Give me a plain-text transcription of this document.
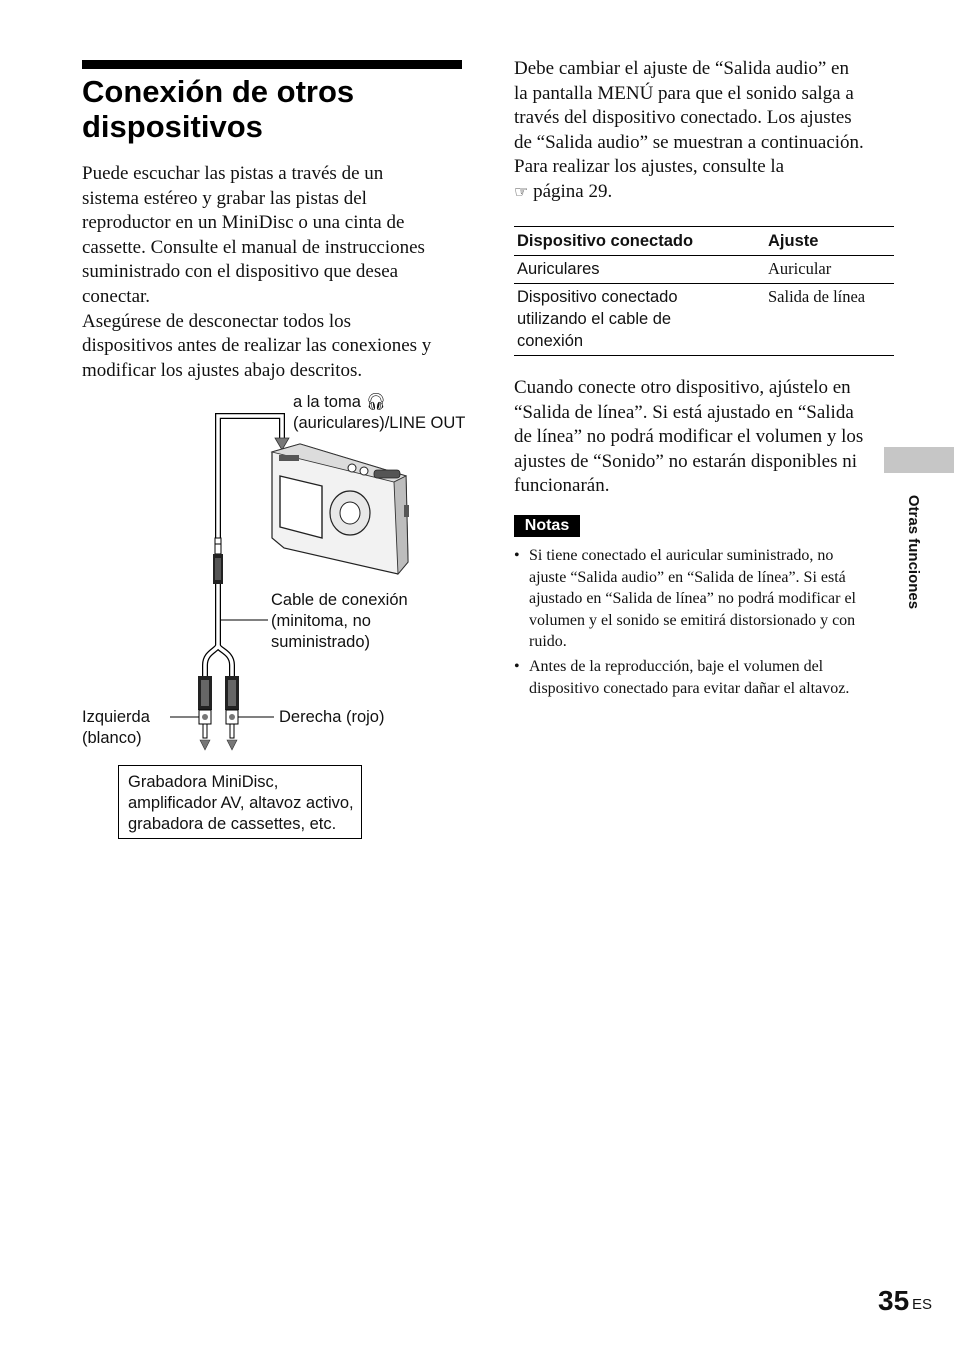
Conexión de otros
dispositivos
Puede escuchar las pistas a través de un
sistema estéreo y grabar las pistas del
reproductor en un MiniDisc o una cinta de
cassette. Consulte el manual de instrucciones
suministrado con el dispositivo que desea
conectar.
Asegúrese de desconectar todos los
dispositivos antes de realizar las conexiones y
modificar los ajustes abajo descritos.
a la toma 🎧︎
(auriculares)/LINE OUT
Cable de conexión
(minitoma, no
suministrado)
Izquierda
(blanco)
Derecha (rojo)
Grabadora MiniDisc,
amplificador AV, altavoz activo,
grabadora de cassettes, etc.
Debe cambiar el ajuste de “Salida audio” en
la pantalla MENÚ para que el sonido salga a
través del dispositivo conectado. Los ajustes
de “Salida audio” se muestran a continuación.
Para realizar los ajustes, consulte la
☞ página 29.
Dispositivo conectado	Ajuste

Auriculares	Auricular

Dispositivo conectado
utilizando el cable de
conexión	Salida de línea
Cuando conecte otro dispositivo, ajústelo en
“Salida de línea”. Si está ajustado en “Salida
de línea” no podrá modificar el volumen y los
ajustes de “Sonido” no estarán disponibles ni
funcionarán.
Notas
• Si tiene conectado el auricular suministrado, no
ajuste “Salida audio” en “Salida de línea”. Si está
ajustado en “Salida de línea” no podrá modificar el
volumen y el sonido se emitirá distorsionado y con
ruido.
• Antes de la reproducción, baje el volumen del
dispositivo conectado para evitar dañar el altavoz.
Otras funciones
35 ES
